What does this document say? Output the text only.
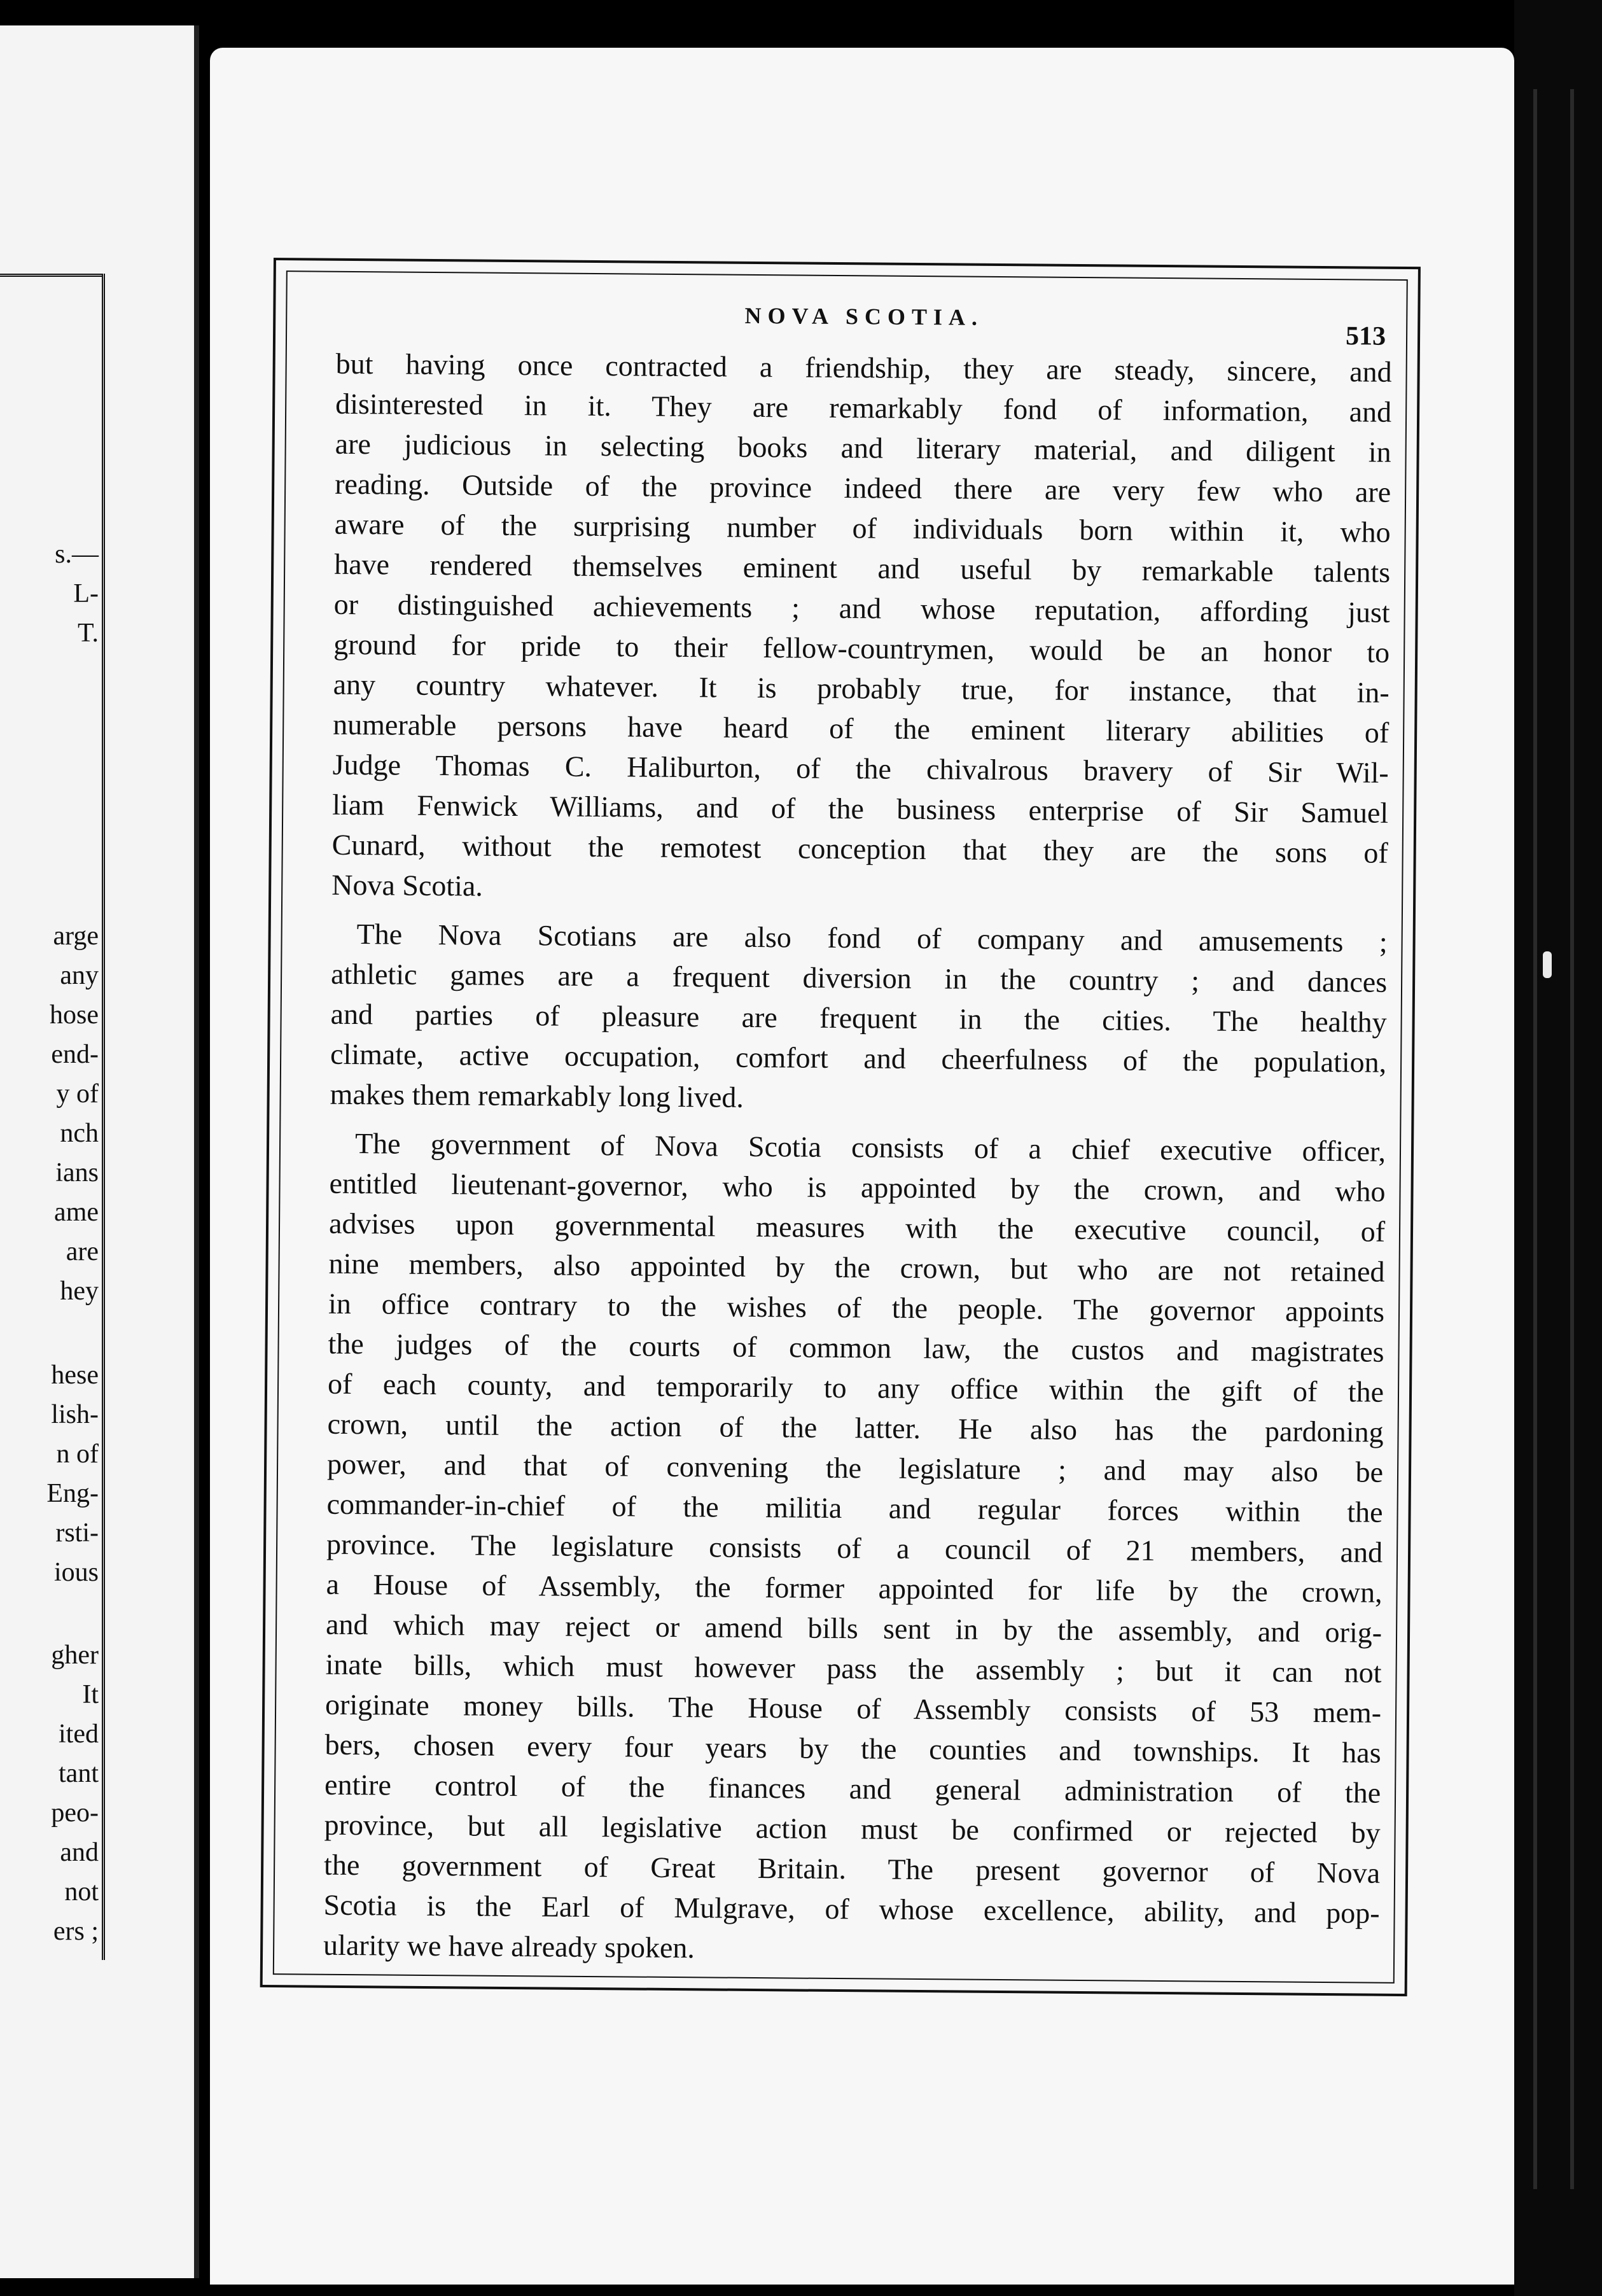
s.—
L-
T.
arge
any
hose
end-
y of
nch
ians
ame
are
hey
hese
lish-
n of
Eng-
rsti-
ious
gher
It
ited
tant
peo-
and
not
ers ;
NOVA SCOTIA.
513
but having once contracted a friendship, they are steady, sincere, and
disinterested in it. They are remarkably fond of information, and
are judicious in selecting books and literary material, and diligent in
reading. Outside of the province indeed there are very few who are
aware of the surprising number of individuals born within it, who
have rendered themselves eminent and useful by remarkable talents
or distinguished achievements ; and whose reputation, affording just
ground for pride to their fellow-countrymen, would be an honor to
any country whatever. It is probably true, for instance, that in-
numerable persons have heard of the eminent literary abilities of
Judge Thomas C. Haliburton, of the chivalrous bravery of Sir Wil-
liam Fenwick Williams, and of the business enterprise of Sir Samuel
Cunard, without the remotest conception that they are the sons of
Nova Scotia.
The Nova Scotians are also fond of company and amusements ;
athletic games are a frequent diversion in the country ; and dances
and parties of pleasure are frequent in the cities. The healthy
climate, active occupation, comfort and cheerfulness of the population,
makes them remarkably long lived.
The government of Nova Scotia consists of a chief executive officer,
entitled lieutenant-governor, who is appointed by the crown, and who
advises upon governmental measures with the executive council, of
nine members, also appointed by the crown, but who are not retained
in office contrary to the wishes of the people. The governor appoints
the judges of the courts of common law, the custos and magistrates
of each county, and temporarily to any office within the gift of the
crown, until the action of the latter. He also has the pardoning
power, and that of convening the legislature ; and may also be
commander-in-chief of the militia and regular forces within the
province. The legislature consists of a council of 21 members, and
a House of Assembly, the former appointed for life by the crown,
and which may reject or amend bills sent in by the assembly, and orig-
inate bills, which must however pass the assembly ; but it can not
originate money bills. The House of Assembly consists of 53 mem-
bers, chosen every four years by the counties and townships. It has
entire control of the finances and general administration of the
province, but all legislative action must be confirmed or rejected by
the government of Great Britain. The present governor of Nova
Scotia is the Earl of Mulgrave, of whose excellence, ability, and pop-
ularity we have already spoken.
